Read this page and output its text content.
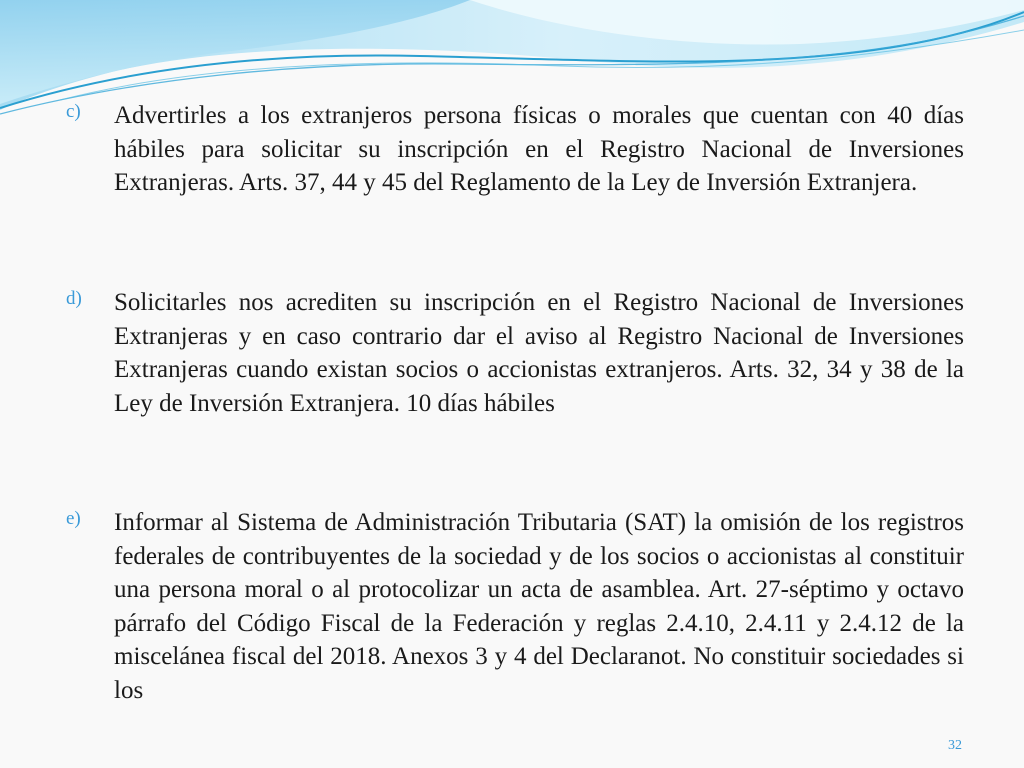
c) Advertirles a los extranjeros persona físicas o morales que cuentan con 40 días hábiles para solicitar su inscripción en el Registro Nacional de Inversiones Extranjeras. Arts. 37, 44 y 45 del Reglamento de la Ley de Inversión Extranjera.
d) Solicitarles nos acrediten su inscripción en el Registro Nacional de Inversiones Extranjeras y en caso contrario dar el aviso al Registro Nacional de Inversiones Extranjeras cuando existan socios o accionistas extranjeros. Arts. 32, 34 y 38 de la Ley de Inversión Extranjera. 10 días hábiles
e) Informar al Sistema de Administración Tributaria (SAT) la omisión de los registros federales de contribuyentes de la sociedad y de los socios o accionistas al constituir una persona moral o al protocolizar un acta de asamblea. Art. 27-séptimo y octavo párrafo del Código Fiscal de la Federación y reglas 2.4.10, 2.4.11 y 2.4.12 de la miscelánea fiscal del 2018. Anexos 3 y 4 del Declaranot. No constituir sociedades si los
32
